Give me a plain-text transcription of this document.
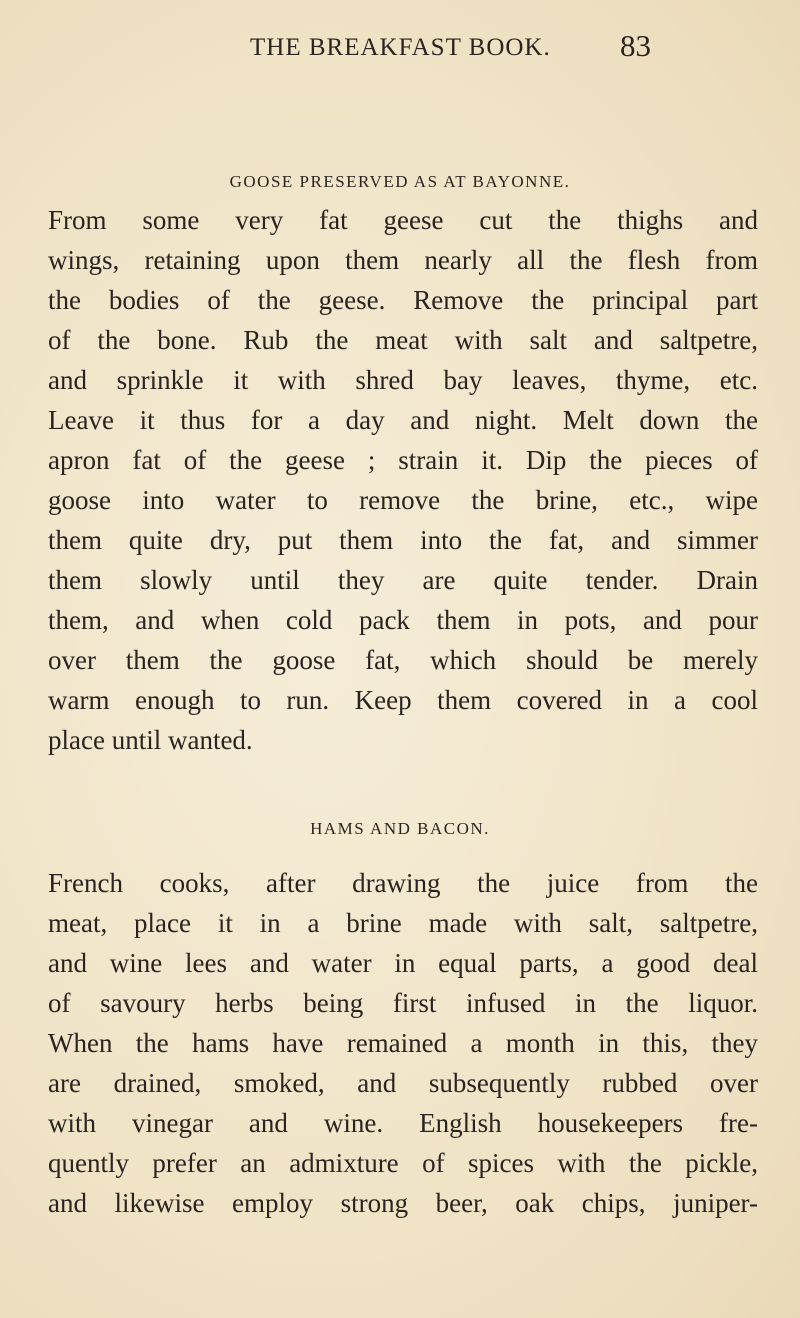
THE BREAKFAST BOOK. 83
GOOSE PRESERVED AS AT BAYONNE.
From some very fat geese cut the thighs and
wings, retaining upon them nearly all the flesh from
the bodies of the geese. Remove the principal part
of the bone. Rub the meat with salt and saltpetre,
and sprinkle it with shred bay leaves, thyme, etc.
Leave it thus for a day and night. Melt down the
apron fat of the geese ; strain it. Dip the pieces of
goose into water to remove the brine, etc., wipe
them quite dry, put them into the fat, and simmer
them slowly until they are quite tender. Drain
them, and when cold pack them in pots, and pour
over them the goose fat, which should be merely
warm enough to run. Keep them covered in a cool
place until wanted.
HAMS AND BACON.
French cooks, after drawing the juice from the
meat, place it in a brine made with salt, saltpetre,
and wine lees and water in equal parts, a good deal
of savoury herbs being first infused in the liquor.
When the hams have remained a month in this, they
are drained, smoked, and subsequently rubbed over
with vinegar and wine. English housekeepers fre-
quently prefer an admixture of spices with the pickle,
and likewise employ strong beer, oak chips, juniper-
